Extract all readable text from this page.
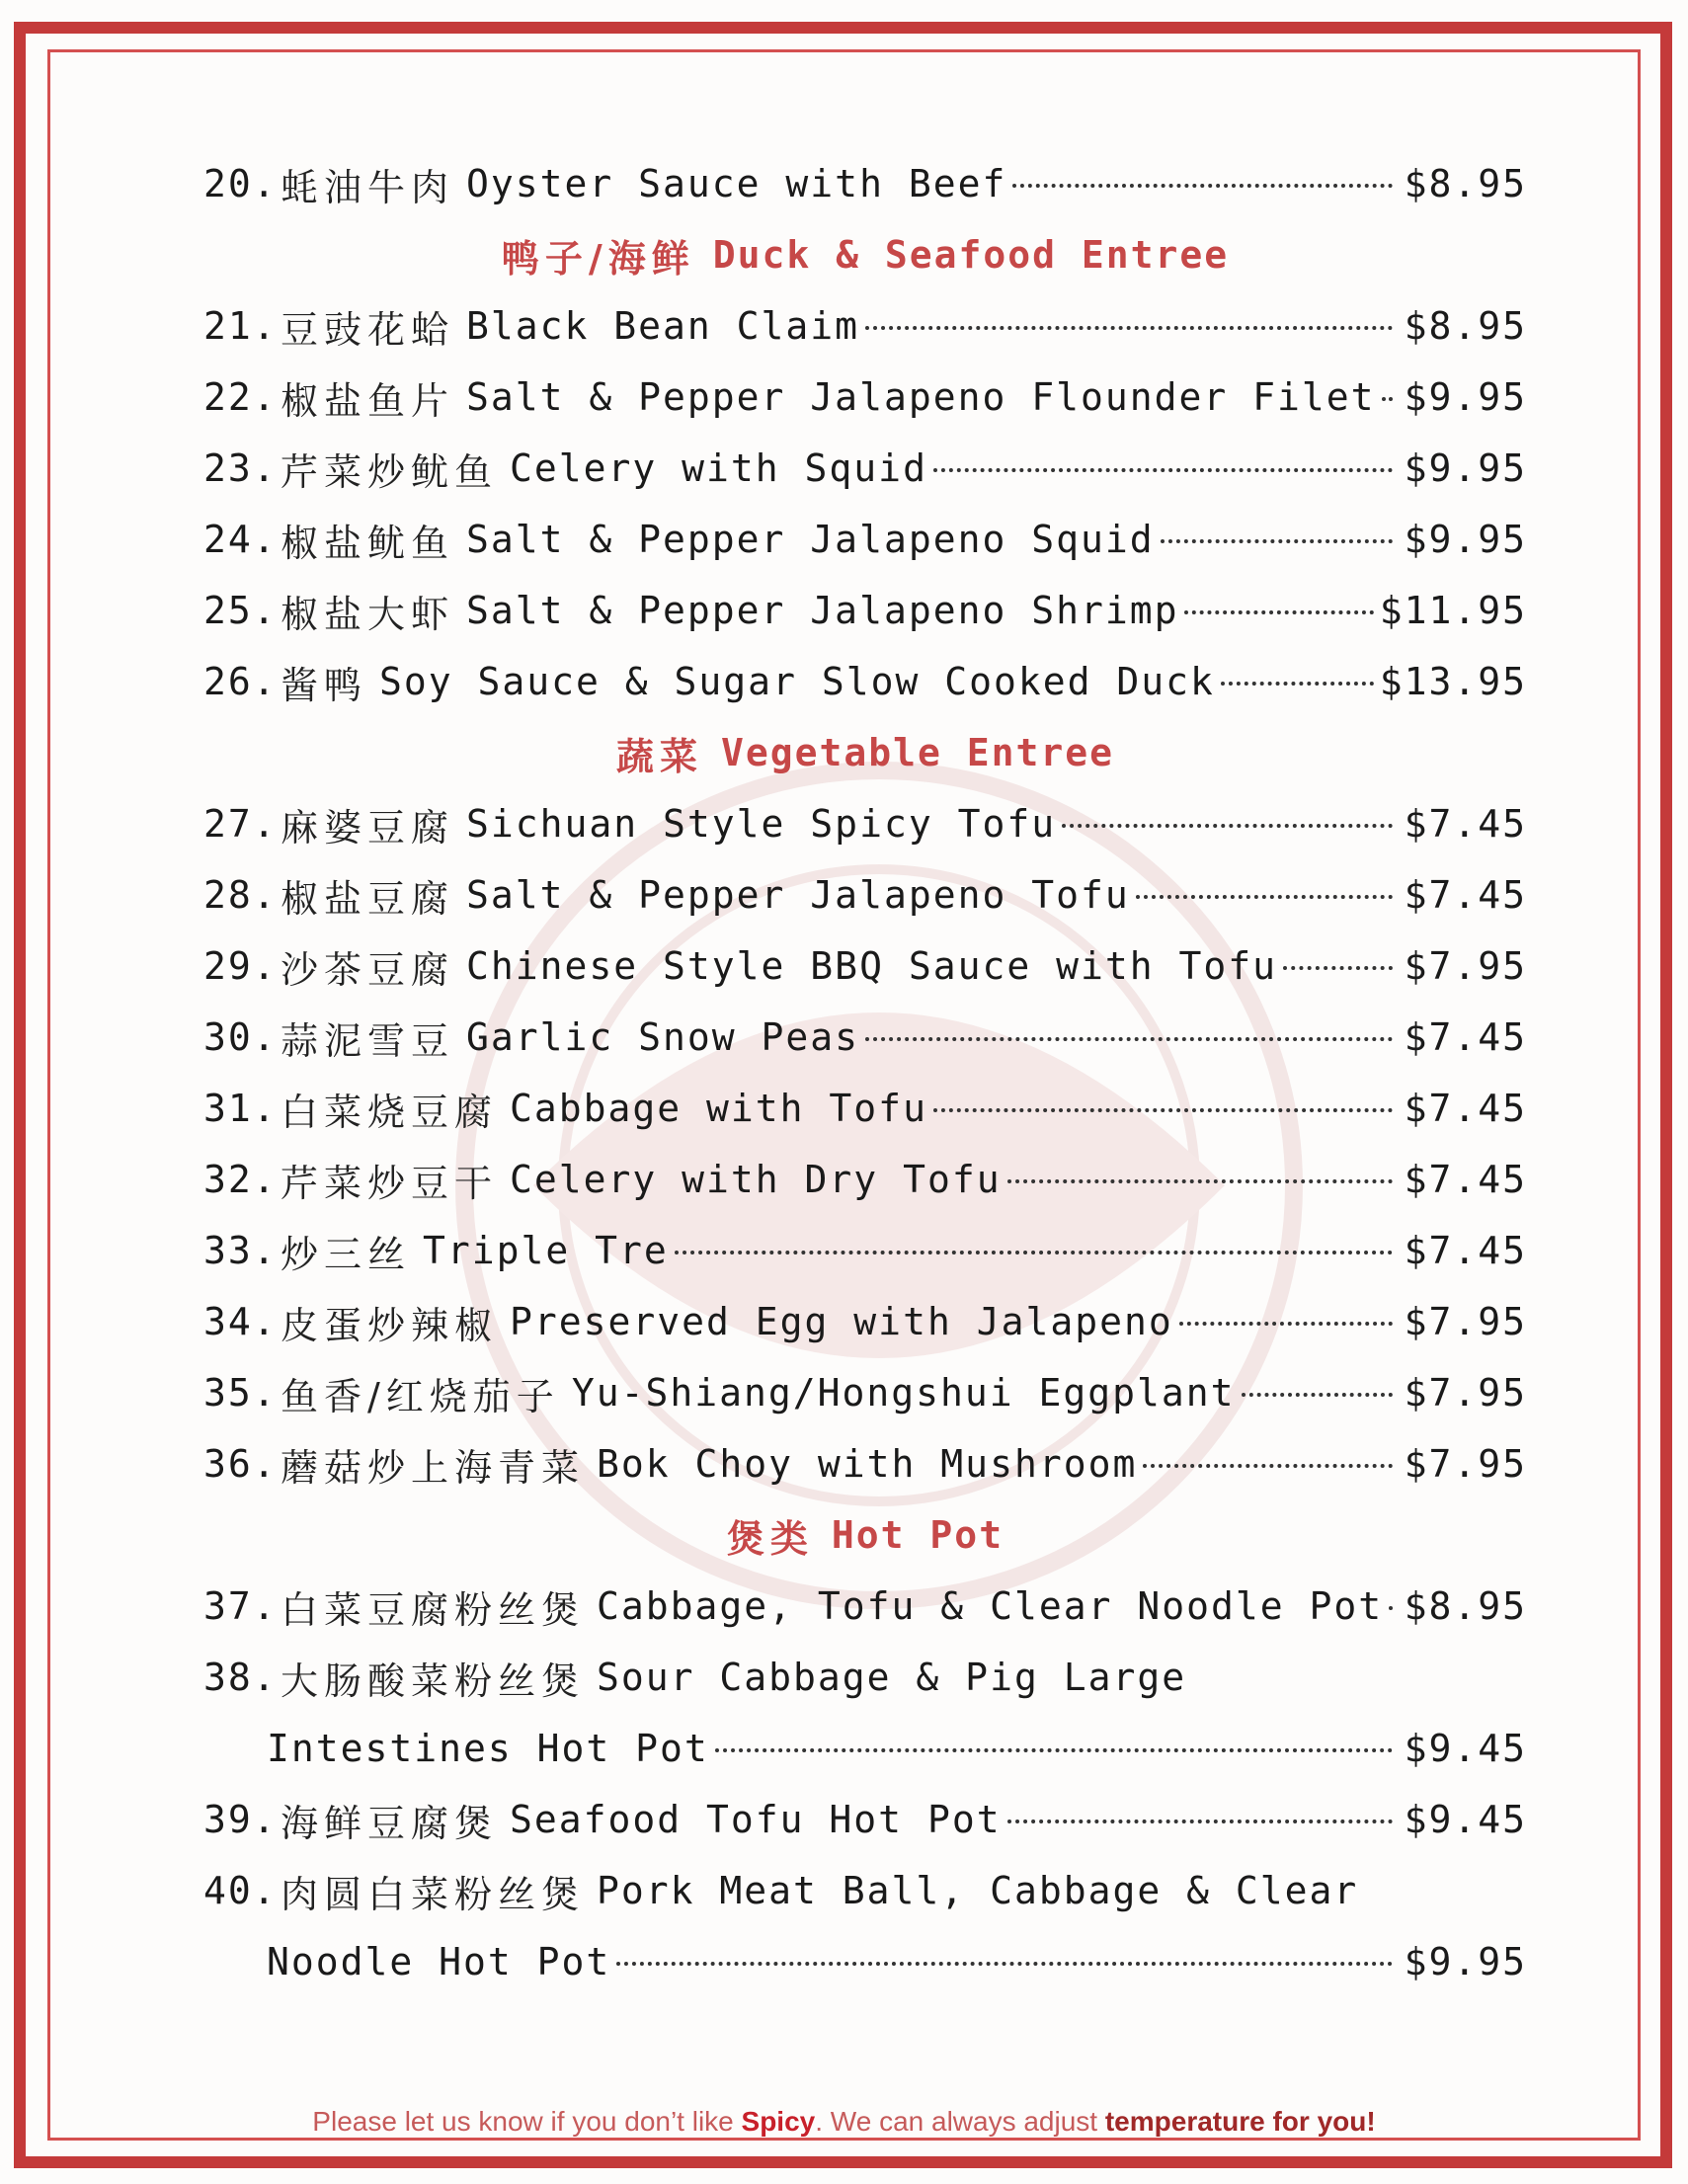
20. 蚝油牛肉 Oyster Sauce with Beef	$8.95
鸭子/海鲜 Duck & Seafood Entree
21. 豆豉花蛤 Black Bean Claim	$8.95
22. 椒盐鱼片 Salt & Pepper Jalapeno Flounder Filet $9.95
23. 芹菜炒鱿鱼 Celery with Squid	$9.95
24. 椒盐鱿鱼 Salt & Pepper Jalapeno Squid	$9.95
25. 椒盐大虾 Salt & Pepper Jalapeno Shrimp	$11.95
26. 酱鸭 Soy Sauce & Sugar Slow Cooked Duck	$13.95
蔬菜 Vegetable Entree
27. 麻婆豆腐 Sichuan Style Spicy Tofu	$7.45
28. 椒盐豆腐 Salt & Pepper Jalapeno Tofu	$7.45
29. 沙茶豆腐 Chinese Style BBQ Sauce with Tofu	$7.95
30. 蒜泥雪豆 Garlic Snow Peas	$7.45
31. 白菜烧豆腐 Cabbage with Tofu	$7.45
32. 芹菜炒豆干 Celery with Dry Tofu	$7.45
33. 炒三丝 Triple Tre	$7.45
34. 皮蛋炒辣椒 Preserved Egg with Jalapeno	$7.95
35. 鱼香/红烧茄子 Yu-Shiang/Hongshui Eggplant	$7.95
36. 蘑菇炒上海青菜 Bok Choy with Mushroom	$7.95
煲类 Hot Pot
37. 白菜豆腐粉丝煲 Cabbage, Tofu & Clear Noodle Pot $8.95
38. 大肠酸菜粉丝煲 Sour Cabbage & Pig Large
Intestines Hot Pot	$9.45
39. 海鲜豆腐煲 Seafood Tofu Hot Pot	$9.45
40. 肉圆白菜粉丝煲 Pork Meat Ball, Cabbage & Clear
Noodle Hot Pot	$9.95
Please let us know if you don’t like Spicy. We can always adjust temperature for you!
